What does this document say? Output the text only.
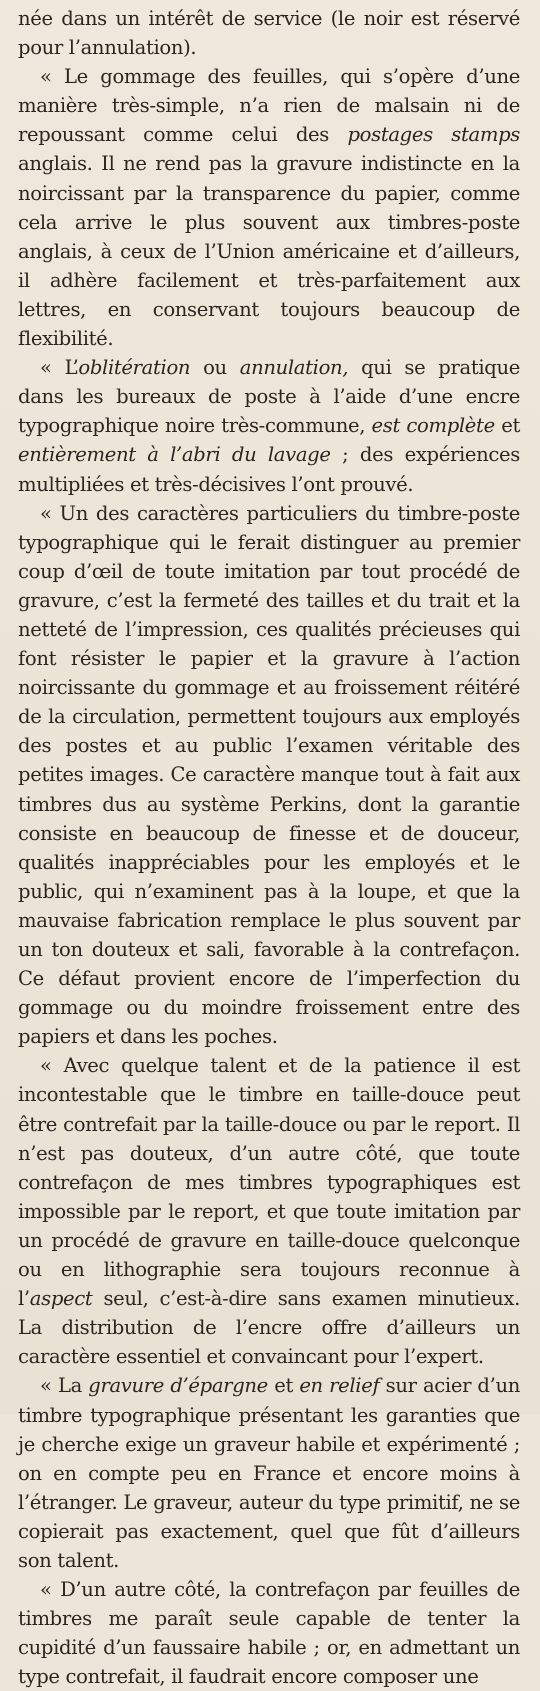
née dans un intérêt de service (le noir est réservé pour l’annulation).

« Le gommage des feuilles, qui s’opère d’une manière très-simple, n’a rien de malsain ni de repoussant comme celui des postages stamps anglais. Il ne rend pas la gravure indistincte en la noircissant par la transparence du papier, comme cela arrive le plus souvent aux timbres-poste anglais, à ceux de l’Union américaine et d’ailleurs, il adhère facilement et très-parfaitement aux lettres, en conservant toujours beaucoup de flexibilité.

« L’oblitération ou annulation, qui se pratique dans les bureaux de poste à l’aide d’une encre typographique noire très-commune, est complète et entièrement à l’abri du lavage ; des expériences multipliées et très-décisives l’ont prouvé.

« Un des caractères particuliers du timbre-poste typographique qui le ferait distinguer au premier coup d’œil de toute imitation par tout procédé de gravure, c’est la fermeté des tailles et du trait et la netteté de l’impression, ces qualités précieuses qui font résister le papier et la gravure à l’action noircissante du gommage et au froissement réitéré de la circulation, permettent toujours aux employés des postes et au public l’examen véritable des petites images. Ce caractère manque tout à fait aux timbres dus au système Perkins, dont la garantie consiste en beaucoup de finesse et de douceur, qualités inappréciables pour les employés et le public, qui n’examinent pas à la loupe, et que la mauvaise fabrication remplace le plus souvent par un ton douteux et sali, favorable à la contrefaçon. Ce défaut provient encore de l’imperfection du gommage ou du moindre froissement entre des papiers et dans les poches.

« Avec quelque talent et de la patience il est incontestable que le timbre en taille-douce peut être contrefait par la taille-douce ou par le report. Il n’est pas douteux, d’un autre côté, que toute contrefaçon de mes timbres typographiques est impossible par le report, et que toute imitation par un procédé de gravure en taille-douce quelconque ou en lithographie sera toujours reconnue à l’aspect seul, c’est-à-dire sans examen minutieux. La distribution de l’encre offre d’ailleurs un caractère essentiel et convaincant pour l’expert.

« La gravure d’épargne et en relief sur acier d’un timbre typographique présentant les garanties que je cherche exige un graveur habile et expérimenté ; on en compte peu en France et encore moins à l’étranger. Le graveur, auteur du type primitif, ne se copierait pas exactement, quel que fût d’ailleurs son talent.

« D’un autre côté, la contrefaçon par feuilles de timbres me paraît seule capable de tenter la cupidité d’un faussaire habile ; or, en admettant un type contrefait, il faudrait encore composer une
